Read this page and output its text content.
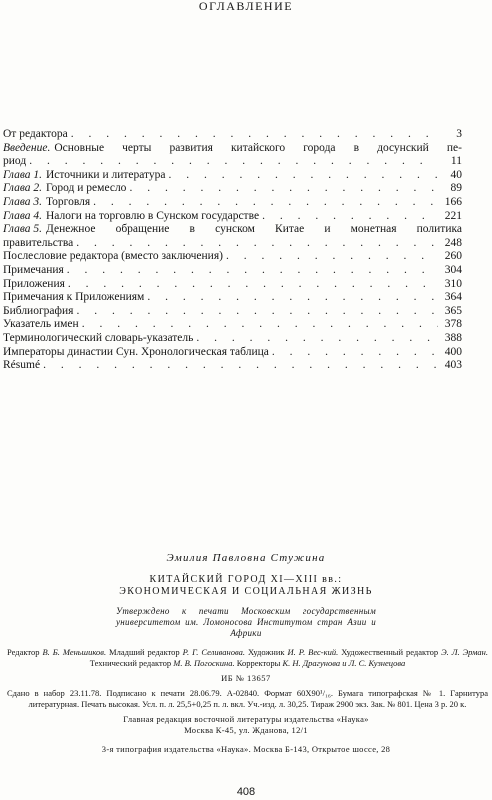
ОГЛАВЛЕНИЕ
От редактора . . .	3
Введение. Основные черты развития китайского города в досунский пе-
риод . . .	11
Глава 1. Источники и литература . . .	40
Глава 2. Город и ремесло . . .	89
Глава 3. Торговля . . .	166
Глава 4. Налоги на торговлю в Сунском государстве . . .	221
Глава 5. Денежное обращение в сунском Китае и монетная политика
правительства . . .	248
Послесловие редактора (вместо заключения) . . .	260
Примечания . . .	304
Приложения . . .	310
Примечания к Приложениям . . .	364
Библиография . . .	365
Указатель имен . . .	378
Терминологический словарь-указатель . . .	388
Императоры династии Сун. Хронологическая таблица . . .	400
Résumé . . .	403
Эмилия Павловна Стужина
КИТАЙСКИЙ ГОРОД XI—XIII вв.:
ЭКОНОМИЧЕСКАЯ И СОЦИАЛЬНАЯ ЖИЗНЬ
Утверждено к печати Московским государственным университетом им. Ломоносова Институтом стран Азии и Африки
Редактор В. Б. Меньшиков. Младший редактор Р. Г. Селиванова. Художник И. Р. Вес-кий. Художественный редактор Э. Л. Эрман. Технический редактор М. В. Погоскина. Корректоры К. Н. Драгунова и Л. С. Кузнецова
ИБ № 13657
Сдано в набор 23.11.78. Подписано к печати 28.06.79. А-02840. Формат 60X90¹/₁₆. Бумага типографская № 1. Гарнитура литературная. Печать высокая. Усл. п. л. 25,5+0,25 п. л. вкл. Уч.-изд. л. 30,25. Тираж 2900 экз. Зак. № 801. Цена 3 р. 20 к.
Главная редакция восточной литературы издательства «Наука»
Москва К-45, ул. Жданова, 12/1
3-я типография издательства «Наука». Москва Б-143, Открытое шоссе, 28
408
